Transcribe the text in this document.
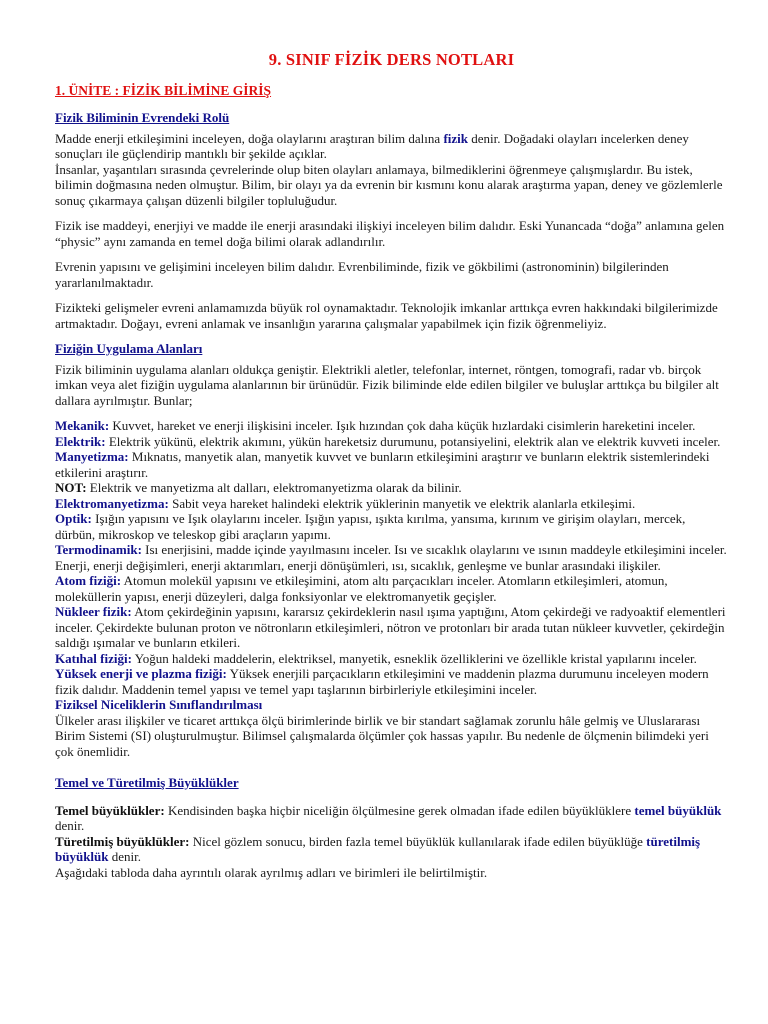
9. SINIF FİZİK DERS NOTLARI
1. ÜNİTE : FİZİK BİLİMİNE GİRİŞ
Fizik Biliminin Evrendeki Rolü

Madde enerji etkileşimini inceleyen, doğa olaylarını araştıran bilim dalına fizik denir. Doğadaki olayları incelerken deney sonuçları ile güçlendirip mantıklı bir şekilde açıklar.

İnsanlar, yaşantıları sırasında çevrelerinde olup biten olayları anlamaya, bilmediklerini öğrenmeye çalışmışlardır. Bu istek, bilimin doğmasına neden olmuştur. Bilim, bir olayı ya da evrenin bir kısmını konu alarak araştırma yapan, deney ve gözlemlerle sonuç çıkarmaya çalışan düzenli bilgiler topluluğudur.

Fizik ise maddeyi, enerjiyi ve madde ile enerji arasındaki ilişkiyi inceleyen bilim dalıdır. Eski Yunancada “doğa” anlamına gelen “physic” aynı zamanda en temel doğa bilimi olarak adlandırılır.

Evrenin yapısını ve gelişimini inceleyen bilim dalıdır. Evrenbiliminde, fizik ve gökbilimi (astronominin) bilgilerinden yararlanılmaktadır.

Fizikteki gelişmeler evreni anlamamızda büyük rol oynamaktadır. Teknolojik imkanlar arttıkça evren hakkındaki bilgilerimizde artmaktadır. Doğayı, evreni anlamak ve insanlığın yararına çalışmalar yapabilmek için fizik öğrenmeliyiz.

Fiziğin Uygulama Alanları

Fizik biliminin uygulama alanları oldukça geniştir. Elektrikli aletler, telefonlar, internet, röntgen, tomografi, radar vb. birçok imkan veya alet fiziğin uygulama alanlarının bir ürünüdür. Fizik biliminde elde edilen bilgiler ve buluşlar arttıkça bu bilgiler alt dallara ayrılmıştır. Bunlar;

Mekanik: Kuvvet, hareket ve enerji ilişkisini inceler. Işık hızından çok daha küçük hızlardaki cisimlerin hareketini inceler.

Elektrik: Elektrik yükünü, elektrik akımını, yükün hareketsiz durumunu, potansiyelini, elektrik alan ve elektrik kuvveti inceler.

Manyetizma: Mıknatıs, manyetik alan, manyetik kuvvet ve bunların etkileşimini araştırır ve bunların elektrik sistemlerindeki etkilerini araştırır.

NOT: Elektrik ve manyetizma alt dalları, elektromanyetizma olarak da bilinir.

Elektromanyetizma: Sabit veya hareket halindeki elektrik yüklerinin manyetik ve elektrik alanlarla etkileşimi.

Optik: Işığın yapısını ve Işık olaylarını inceler. Işığın yapısı, ışıkta kırılma, yansıma, kırınım ve girişim olayları, mercek, dürbün, mikroskop ve teleskop gibi araçların yapımı.

Termodinamik: Isı enerjisini, madde içinde yayılmasını inceler. Isı ve sıcaklık olaylarını ve ısının maddeyle etkileşimini inceler. Enerji, enerji değişimleri, enerji aktarımları, enerji dönüşümleri, ısı, sıcaklık, genleşme ve bunlar arasındaki ilişkiler.

Atom fiziği: Atomun molekül yapısını ve etkileşimini, atom altı parçacıkları inceler. Atomların etkileşimleri, atomun, moleküllerin yapısı, enerji düzeyleri, dalga fonksiyonlar ve elektromanyetik geçişler.

Nükleer fizik: Atom çekirdeğinin yapısını, kararsız çekirdeklerin nasıl ışıma yaptığını, Atom çekirdeği ve radyoaktif elementleri inceler. Çekirdekte bulunan proton ve nötronların etkileşimleri, nötron ve protonları bir arada tutan nükleer kuvvetler, çekirdeğin saldığı ışımalar ve bunların etkileri.

Katıhal fiziği: Yoğun haldeki maddelerin, elektriksel, manyetik, esneklik özelliklerini ve özellikle kristal yapılarını inceler.

Yüksek enerji ve plazma fiziği: Yüksek enerjili parçacıkların etkileşimini ve maddenin plazma durumunu inceleyen modern fizik dalıdır. Maddenin temel yapısı ve temel yapı taşlarının birbirleriyle etkileşimini inceler.

Fiziksel Niceliklerin Sınıflandırılması

Ülkeler arası ilişkiler ve ticaret arttıkça ölçü birimlerinde birlik ve bir standart sağlamak zorunlu hâle gelmiş ve Uluslararası Birim Sistemi (SI) oluşturulmuştur. Bilimsel çalışmalarda ölçümler çok hassas yapılır. Bu nedenle de ölçmenin bilimdeki yeri çok önemlidir.

Temel ve Türetilmiş Büyüklükler

Temel büyüklükler: Kendisinden başka hiçbir niceliğin ölçülmesine gerek olmadan ifade edilen büyüklüklere temel büyüklük denir.

Türetilmiş büyüklükler: Nicel gözlem sonucu, birden fazla temel büyüklük kullanılarak ifade edilen büyüklüğe türetilmiş büyüklük denir.

Aşağıdaki tabloda daha ayrıntılı olarak ayrılmış adları ve birimleri ile belirtilmiştir.
